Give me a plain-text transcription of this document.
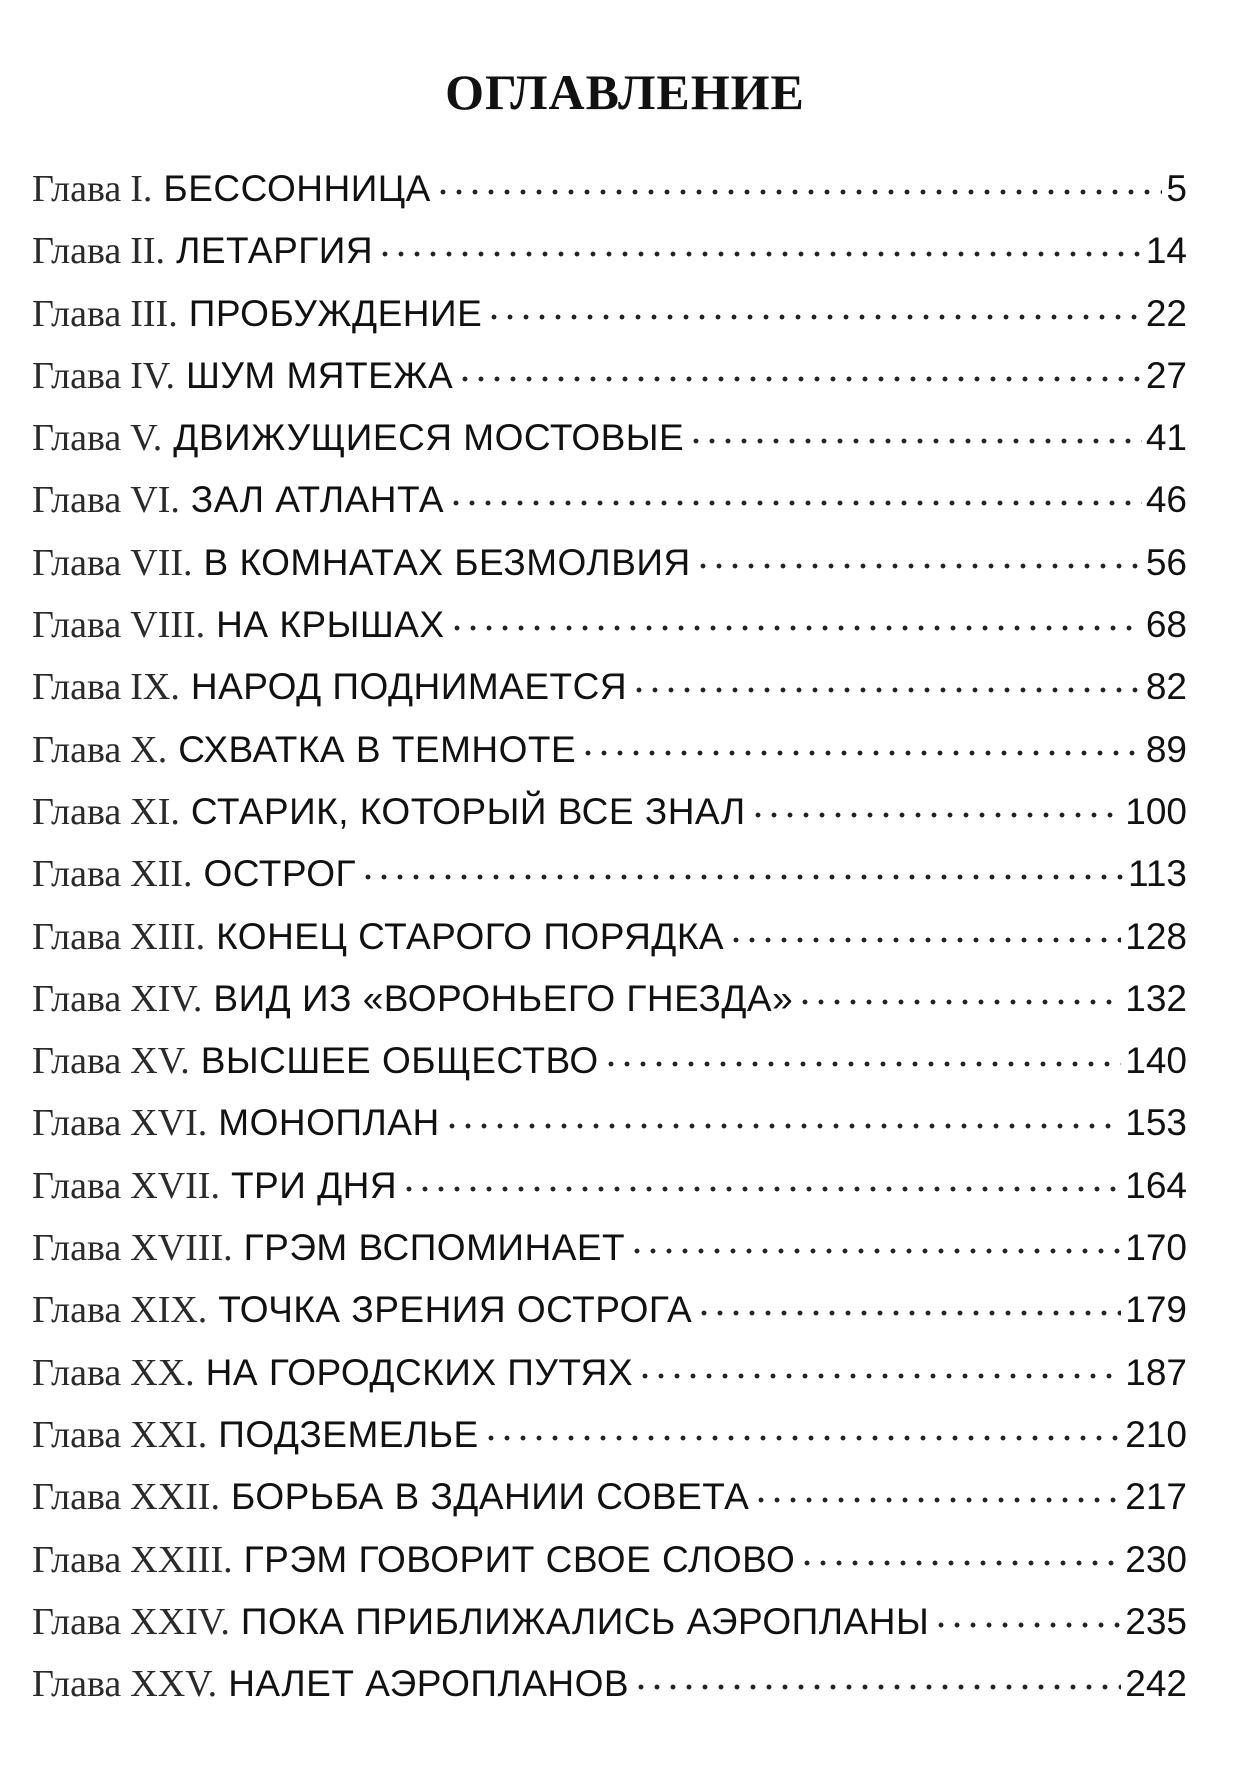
ОГЛАВЛЕНИЕ
Глава I. БЕССОННИЦА	5
Глава II. ЛЕТАРГИЯ	14
Глава III. ПРОБУЖДЕНИЕ	22
Глава IV. ШУМ МЯТЕЖА	27
Глава V. ДВИЖУЩИЕСЯ МОСТОВЫЕ	41
Глава VI. ЗАЛ АТЛАНТА	46
Глава VII. В КОМНАТАХ БЕЗМОЛВИЯ	56
Глава VIII. НА КРЫШАХ	68
Глава IX. НАРОД ПОДНИМАЕТСЯ	82
Глава X. СХВАТКА В ТЕМНОТЕ	89
Глава XI. СТАРИК, КОТОРЫЙ ВСЕ ЗНАЛ	100
Глава XII. ОСТРОГ	113
Глава XIII. КОНЕЦ СТАРОГО ПОРЯДКА	128
Глава XIV. ВИД ИЗ «ВОРОНЬЕГО ГНЕЗДА»	132
Глава XV. ВЫСШЕЕ ОБЩЕСТВО	140
Глава XVI. МОНОПЛАН	153
Глава XVII. ТРИ ДНЯ	164
Глава XVIII. ГРЭМ ВСПОМИНАЕТ	170
Глава XIX. ТОЧКА ЗРЕНИЯ ОСТРОГА	179
Глава XX. НА ГОРОДСКИХ ПУТЯХ	187
Глава XXI. ПОДЗЕМЕЛЬЕ	210
Глава XXII. БОРЬБА В ЗДАНИИ СОВЕТА	217
Глава XXIII. ГРЭМ ГОВОРИТ СВОЕ СЛОВО	230
Глава XXIV. ПОКА ПРИБЛИЖАЛИСЬ АЭРОПЛАНЫ	235
Глава XXV. НАЛЕТ АЭРОПЛАНОВ	242
